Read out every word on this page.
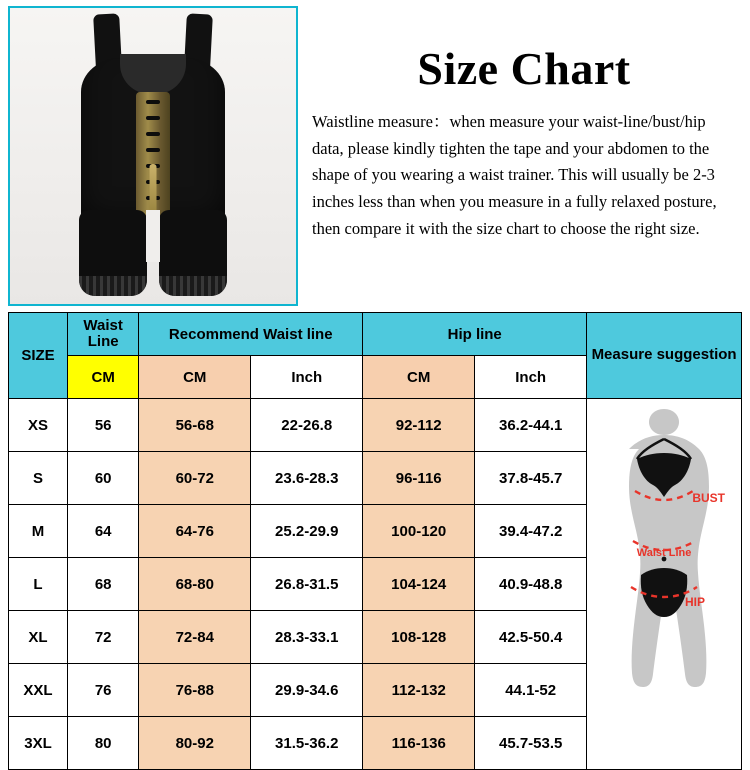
Size Chart
Waistline measure：when measure your waist-line/bust/hip data, please kindly tighten the tape and your abdomen to the shape of you wearing a waist trainer. This will usually be 2-3 inches less than when you measure in a fully relaxed posture, then compare it with the size chart to choose the right size.
SIZE	Waist Line	Recommend Waist line		Hip line		Measure suggestion
	CM	CM	Inch	CM	Inch	
XS	56	56-68	22-26.8	92-112	36.2-44.1	BUST
Waist Line
HIP

S	60	60-72	23.6-28.3	96-116	37.8-45.7	
M	64	64-76	25.2-29.9	100-120	39.4-47.2	
L	68	68-80	26.8-31.5	104-124	40.9-48.8	
XL	72	72-84	28.3-33.1	108-128	42.5-50.4	
XXL	76	76-88	29.9-34.6	112-132	44.1-52	
3XL	80	80-92	31.5-36.2	116-136	45.7-53.5	
